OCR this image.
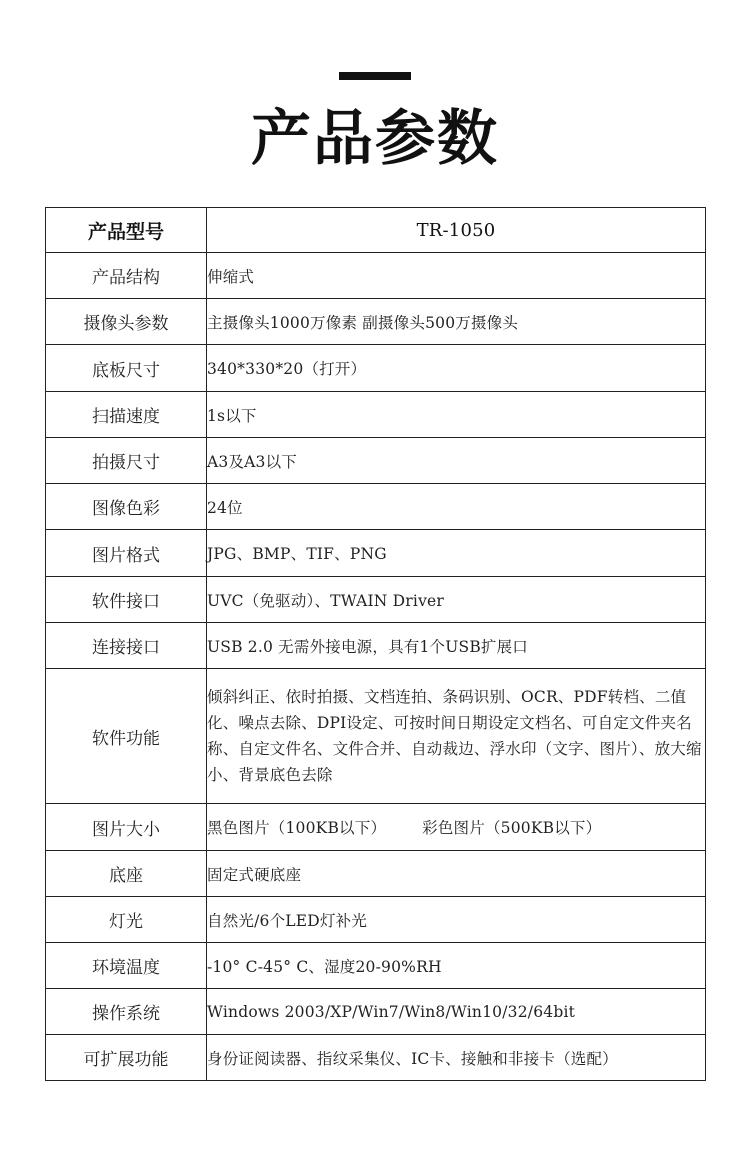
产品参数
产品型号	TR-1050
产品结构	伸缩式
摄像头参数	主摄像头1000万像素 副摄像头500万摄像头
底板尺寸	340*330*20（打开）
扫描速度	1s以下
拍摄尺寸	A3及A3以下
图像色彩	24位
图片格式	JPG、BMP、TIF、PNG
软件接口	UVC（免驱动）、TWAIN Driver
连接接口	USB 2.0 无需外接电源，具有1个USB扩展口
软件功能	倾斜纠正、依时拍摄、文档连拍、条码识别、OCR、PDF转档、二值化、噪点去除、DPI设定、可按时间日期设定文档名、可自定文件夹名称、自定文件名、文件合并、自动裁边、浮水印（文字、图片）、放大缩小、背景底色去除
图片大小	黑色图片（100KB以下） 彩色图片（500KB以下）
底座	固定式硬底座
灯光	自然光/6个LED灯补光
环境温度	-10° C-45° C、湿度20-90%RH
操作系统	Windows 2003/XP/Win7/Win8/Win10/32/64bit
可扩展功能	身份证阅读器、指纹采集仪、IC卡、接触和非接卡（选配）
